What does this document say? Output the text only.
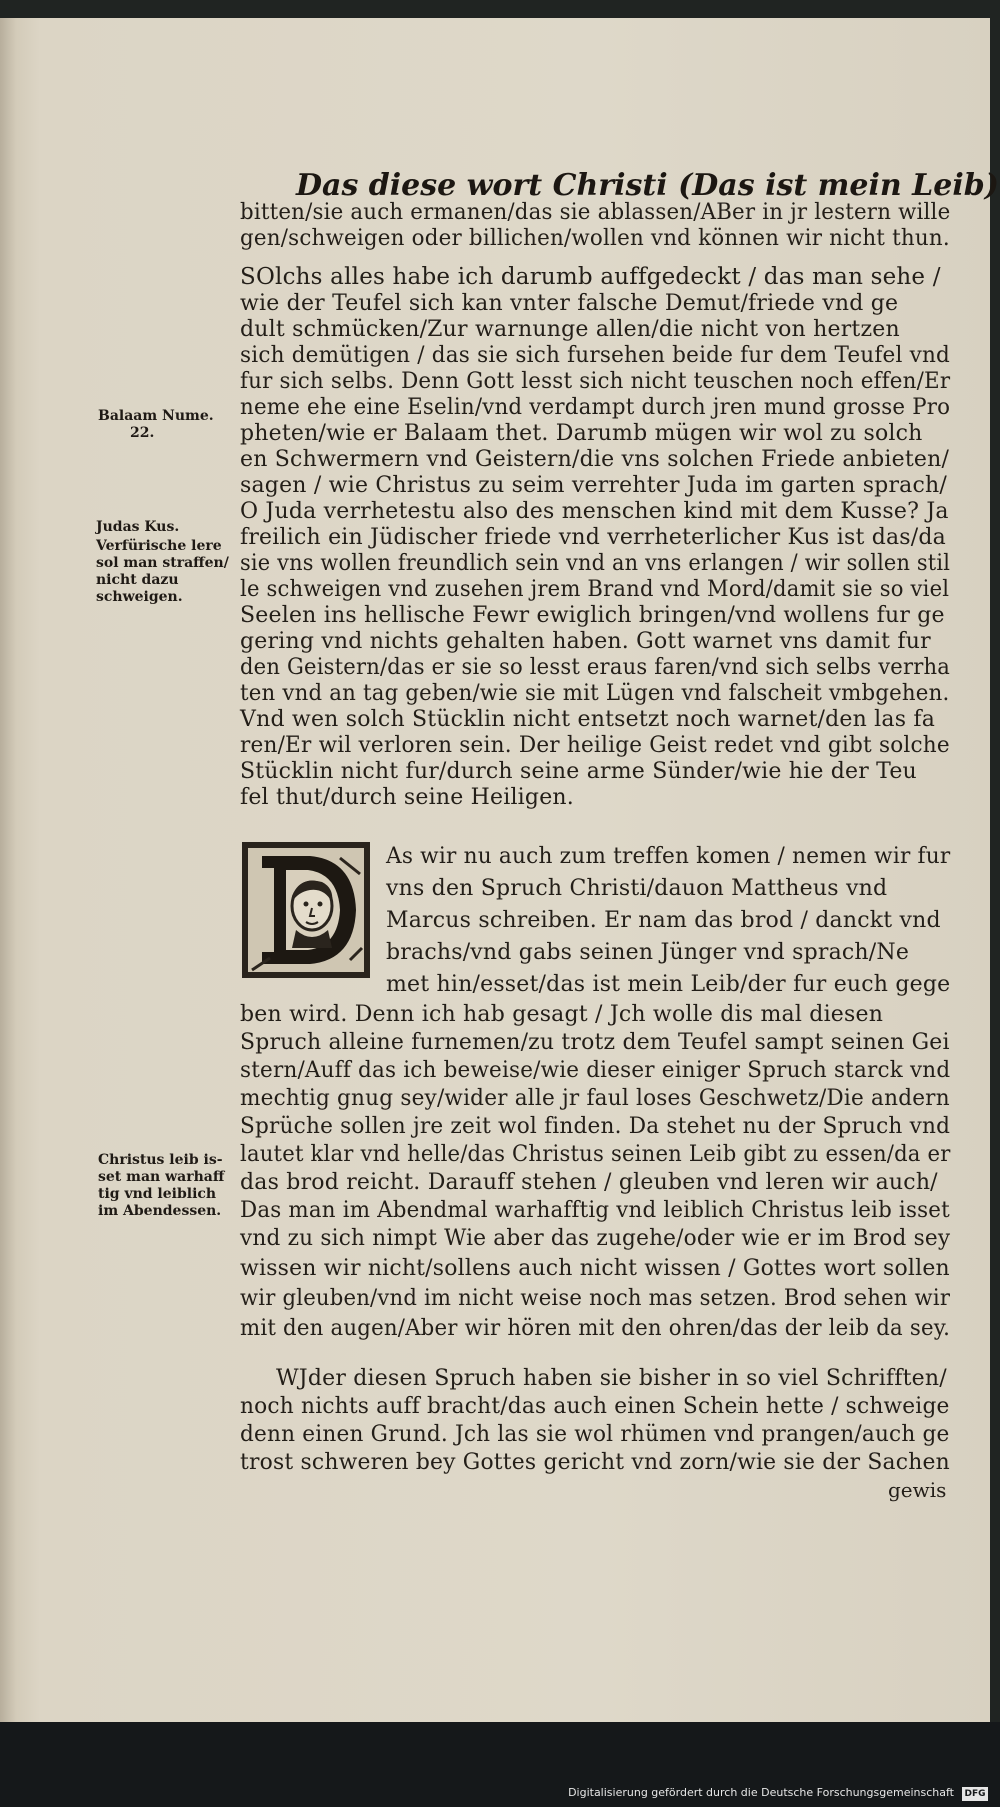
Das diese wort Christi (Das ist mein Leib)
bitten/sie auch ermanen/das sie ablassen/ABer in jr lestern wille
gen/schweigen oder billichen/wollen vnd können wir nicht thun.
SOlchs alles habe ich darumb auffgedeckt / das man sehe /
wie der Teufel sich kan vnter falsche Demut/friede vnd ge
dult schmücken/Zur warnunge allen/die nicht von hertzen
sich demütigen / das sie sich fursehen beide fur dem Teufel vnd
fur sich selbs. Denn Gott lesst sich nicht teuschen noch effen/Er
neme ehe eine Eselin/vnd verdampt durch jren mund grosse Pro
pheten/wie er Balaam thet. Darumb mügen wir wol zu solch
en Schwermern vnd Geistern/die vns solchen Friede anbieten/
sagen / wie Christus zu seim verrehter Juda im garten sprach/
O Juda verrhetestu also des menschen kind mit dem Kusse? Ja
freilich ein Jüdischer friede vnd verrheterlicher Kus ist das/da
sie vns wollen freundlich sein vnd an vns erlangen / wir sollen stil
le schweigen vnd zusehen jrem Brand vnd Mord/damit sie so viel
Seelen ins hellische Fewr ewiglich bringen/vnd wollens fur ge
gering vnd nichts gehalten haben. Gott warnet vns damit fur
den Geistern/das er sie so lesst eraus faren/vnd sich selbs verrha
ten vnd an tag geben/wie sie mit Lügen vnd falscheit vmbgehen.
Vnd wen solch Stücklin nicht entsetzt noch warnet/den las fa
ren/Er wil verloren sein. Der heilige Geist redet vnd gibt solche
Stücklin nicht fur/durch seine arme Sünder/wie hie der Teu
fel thut/durch seine Heiligen.
As wir nu auch zum treffen komen / nemen wir fur
vns den Spruch Christi/dauon Mattheus vnd
Marcus schreiben. Er nam das brod / danckt vnd
brachs/vnd gabs seinen Jünger vnd sprach/Ne
met hin/esset/das ist mein Leib/der fur euch gege
ben wird. Denn ich hab gesagt / Jch wolle dis mal diesen
Spruch alleine furnemen/zu trotz dem Teufel sampt seinen Gei
stern/Auff das ich beweise/wie dieser einiger Spruch starck vnd
mechtig gnug sey/wider alle jr faul loses Geschwetz/Die andern
Sprüche sollen jre zeit wol finden. Da stehet nu der Spruch vnd
lautet klar vnd helle/das Christus seinen Leib gibt zu essen/da er
das brod reicht. Darauff stehen / gleuben vnd leren wir auch/
Das man im Abendmal warhafftig vnd leiblich Christus leib isset
vnd zu sich nimpt Wie aber das zugehe/oder wie er im Brod sey
wissen wir nicht/sollens auch nicht wissen / Gottes wort sollen
wir gleuben/vnd im nicht weise noch mas setzen. Brod sehen wir
mit den augen/Aber wir hören mit den ohren/das der leib da sey.
WJder diesen Spruch haben sie bisher in so viel Schrifften/
noch nichts auff bracht/das auch einen Schein hette / schweige
denn einen Grund. Jch las sie wol rhümen vnd prangen/auch ge
trost schweren bey Gottes gericht vnd zorn/wie sie der Sachen
gewis
Balaam Nume.
22.
Judas Kus.
Verfürische lere
sol man straffen/
nicht dazu
schweigen.
Christus leib is-
set man warhaff
tig vnd leiblich
im Abendessen.
Digitalisierung gefördert durch die Deutsche Forschungsgemeinschaft DFG
